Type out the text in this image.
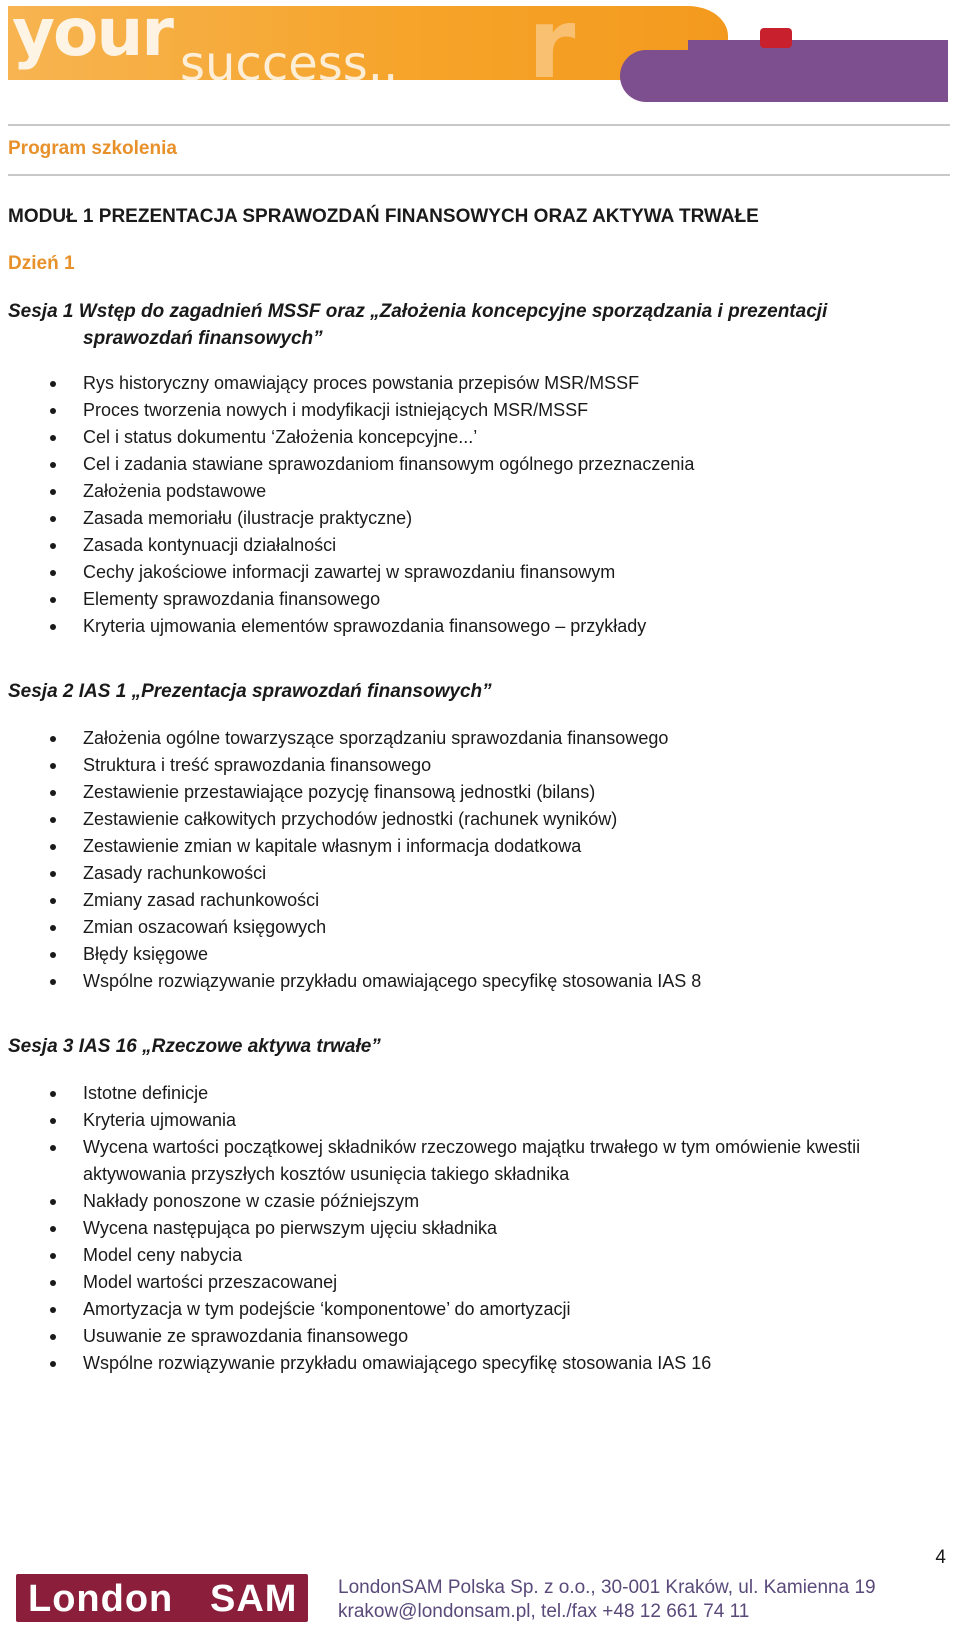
your success.. r
Program szkolenia
MODUŁ 1 PREZENTACJA SPRAWOZDAŃ FINANSOWYCH ORAZ AKTYWA TRWAŁE
Dzień 1
Sesja 1 Wstęp do zagadnień MSSF oraz „Założenia koncepcyjne sporządzania i prezentacji sprawozdań finansowych”
Rys historyczny omawiający proces powstania przepisów MSR/MSSF
Proces tworzenia nowych i modyfikacji istniejących MSR/MSSF
Cel i status dokumentu ‘Założenia koncepcyjne...’
Cel i zadania stawiane sprawozdaniom finansowym ogólnego przeznaczenia
Założenia podstawowe
Zasada memoriału (ilustracje praktyczne)
Zasada kontynuacji działalności
Cechy jakościowe informacji zawartej w sprawozdaniu finansowym
Elementy sprawozdania finansowego
Kryteria ujmowania elementów sprawozdania finansowego – przykłady
Sesja 2 IAS 1 „Prezentacja sprawozdań finansowych”
Założenia ogólne towarzyszące sporządzaniu sprawozdania finansowego
Struktura i treść sprawozdania finansowego
Zestawienie przestawiające pozycję finansową jednostki (bilans)
Zestawienie całkowitych przychodów jednostki (rachunek wyników)
Zestawienie zmian w kapitale własnym i informacja dodatkowa
Zasady rachunkowości
Zmiany zasad rachunkowości
Zmian oszacowań księgowych
Błędy księgowe
Wspólne rozwiązywanie przykładu omawiającego specyfikę stosowania IAS 8
Sesja 3 IAS 16 „Rzeczowe aktywa trwałe”
Istotne definicje
Kryteria ujmowania
Wycena wartości początkowej składników rzeczowego majątku trwałego w tym omówienie kwestii aktywowania przyszłych kosztów usunięcia takiego składnika
Nakłady ponoszone w czasie późniejszym
Wycena następująca po pierwszym ujęciu składnika
Model ceny nabycia
Model wartości przeszacowanej
Amortyzacja w tym podejście ‘komponentowe’ do amortyzacji
Usuwanie ze sprawozdania finansowego
Wspólne rozwiązywanie przykładu omawiającego specyfikę stosowania IAS 16
4
London SAM LondonSAM Polska Sp. z o.o., 30-001 Kraków, ul. Kamienna 19
krakow@londonsam.pl, tel./fax +48 12 661 74 11
